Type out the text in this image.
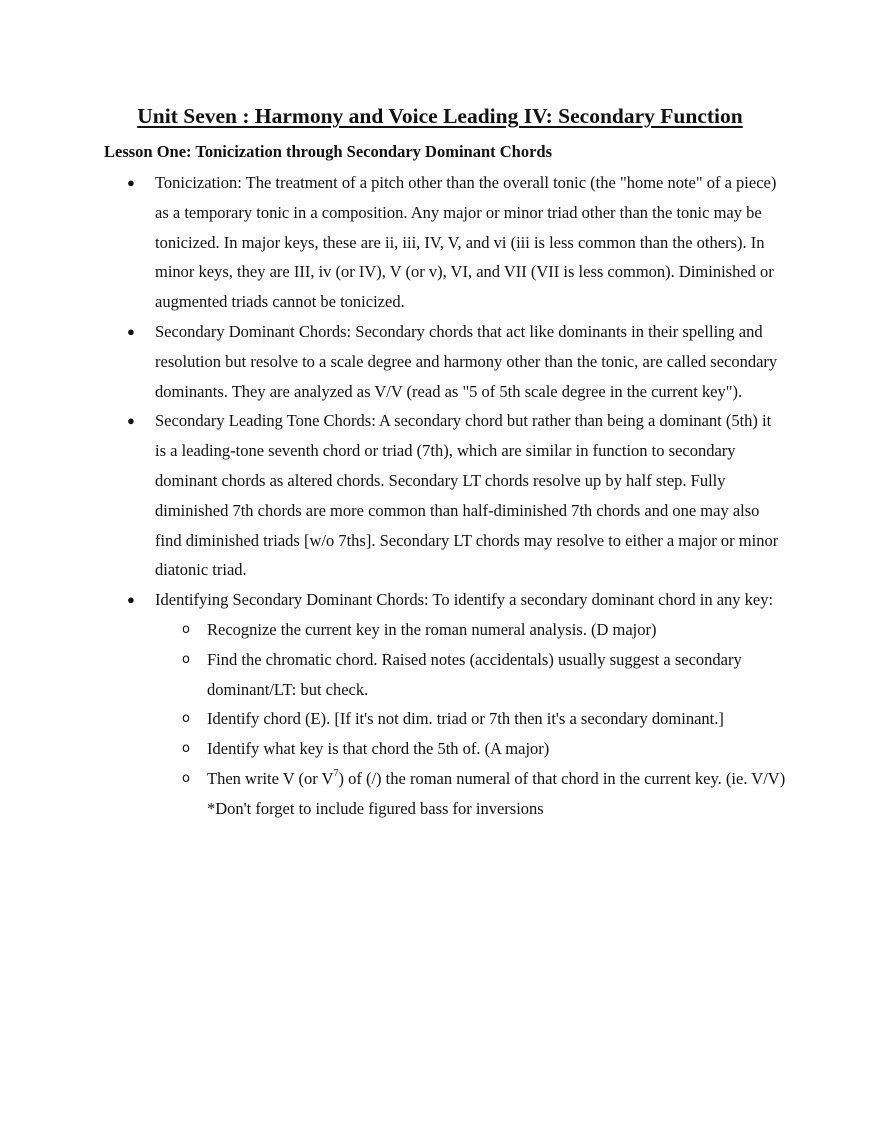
Unit Seven : Harmony and Voice Leading IV: Secondary Function
Lesson One: Tonicization through Secondary Dominant Chords
● Tonicization: The treatment of a pitch other than the overall tonic (the "home note" of a piece) as a temporary tonic in a composition. Any major or minor triad other than the tonic may be tonicized. In major keys, these are ii, iii, IV, V, and vi (iii is less common than the others). In minor keys, they are III, iv (or IV), V (or v), VI, and VII (VII is less common). Diminished or augmented triads cannot be tonicized.
● Secondary Dominant Chords: Secondary chords that act like dominants in their spelling and resolution but resolve to a scale degree and harmony other than the tonic, are called secondary dominants. They are analyzed as V/V (read as "5 of 5th scale degree in the current key").
● Secondary Leading Tone Chords: A secondary chord but rather than being a dominant (5th) it is a leading-tone seventh chord or triad (7th), which are similar in function to secondary dominant chords as altered chords. Secondary LT chords resolve up by half step. Fully diminished 7th chords are more common than half-diminished 7th chords and one may also find diminished triads [w/o 7ths]. Secondary LT chords may resolve to either a major or minor diatonic triad.
● Identifying Secondary Dominant Chords: To identify a secondary dominant chord in any key:
o Recognize the current key in the roman numeral analysis. (D major)
o Find the chromatic chord. Raised notes (accidentals) usually suggest a secondary dominant/LT: but check.
o Identify chord (E). [If it's not dim. triad or 7th then it's a secondary dominant.]
o Identify what key is that chord the 5th of. (A major)
o Then write V (or $V^7$) of (/) the roman numeral of that chord in the current key. (ie. V/V) *Don't forget to include figured bass for inversions
